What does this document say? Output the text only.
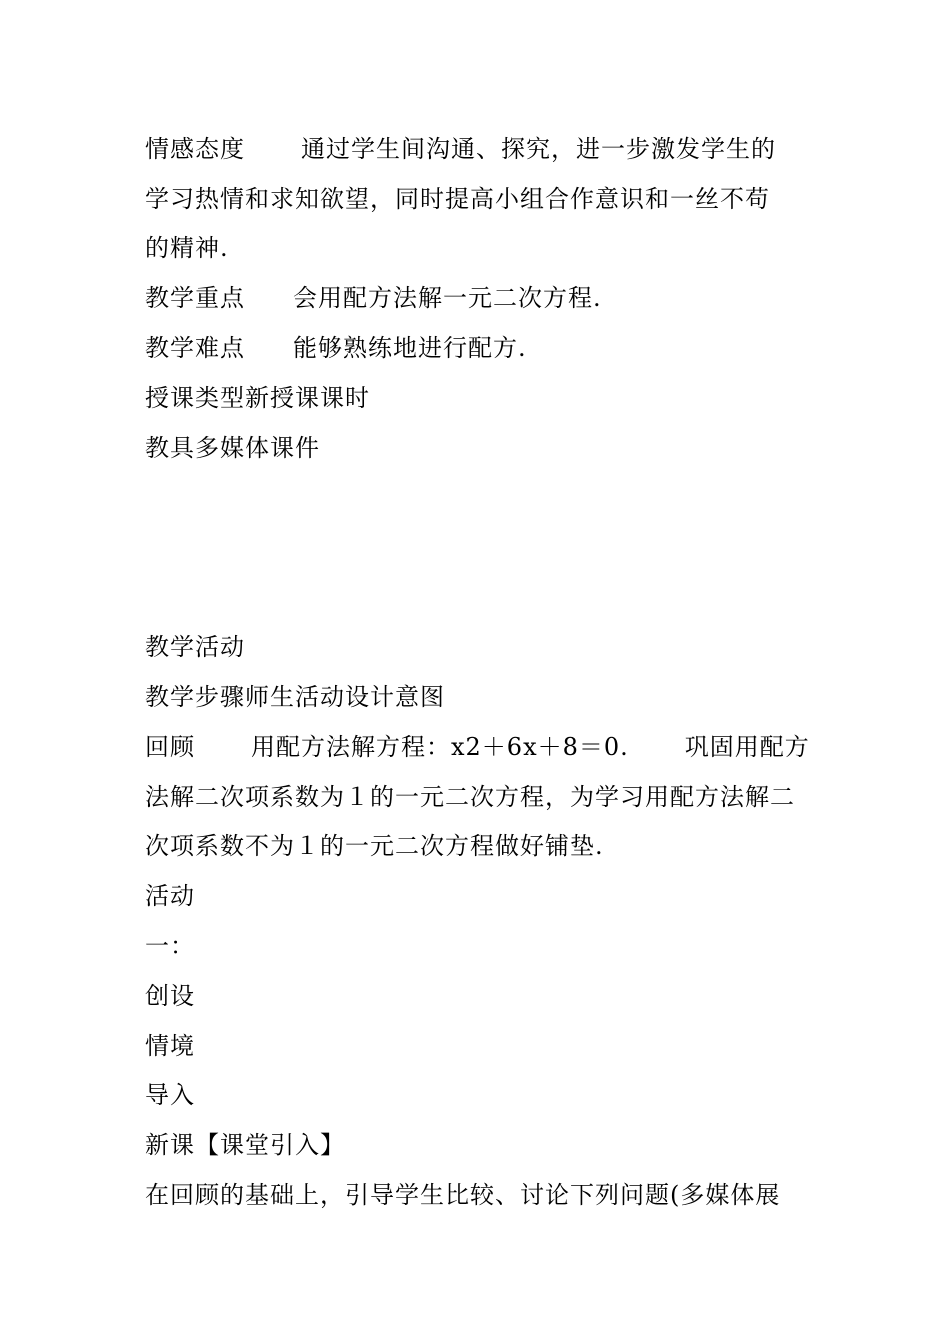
情感态度 通过学生间沟通、探究，进一步激发学生的
学习热情和求知欲望，同时提高小组合作意识和一丝不苟
的精神.
教学重点 会用配方法解一元二次方程.
教学难点 能够熟练地进行配方.
授课类型新授课课时
教具多媒体课件
教学活动
教学步骤师生活动设计意图
回顾 用配方法解方程：x2＋6x＋8＝0. 巩固用配方
法解二次项系数为１的一元二次方程，为学习用配方法解二
次项系数不为１的一元二次方程做好铺垫.
活动
一：
创设
情境
导入
新课【课堂引入】
在回顾的基础上，引导学生比较、讨论下列问题(多媒体展
